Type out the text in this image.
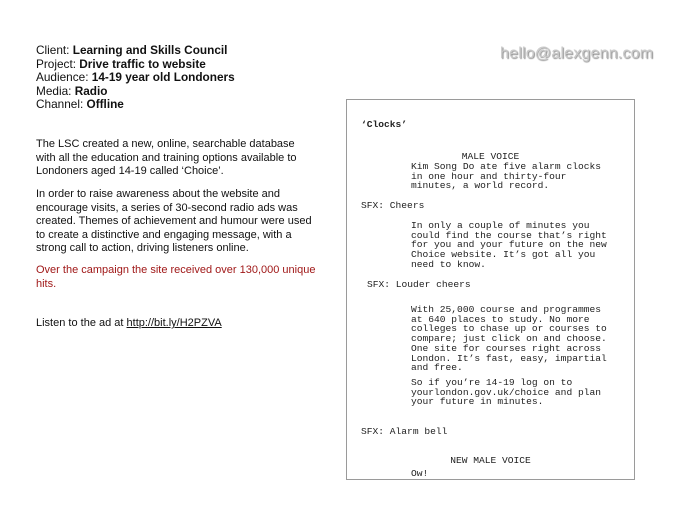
hello@alexgenn.com
Client: Learning and Skills Council
Project: Drive traffic to website
Audience: 14-19 year old Londoners
Media: Radio
Channel: Offline
The LSC created a new, online, searchable database with all the education and training options available to Londoners aged 14-19 called ‘Choice’.
In order to raise awareness about the website and encourage visits, a series of 30-second radio ads was created. Themes of achievement and humour were used to create a distinctive and engaging message, with a strong call to action, driving listeners online.
Over the campaign the site received over 130,000 unique hits.
Listen to the ad at http://bit.ly/H2PZVA
‘Clocks’
MALE VOICE
Kim Song Do ate five alarm clocks in one hour and thirty-four minutes, a world record.
SFX: Cheers
In only a couple of minutes you could find the course that’s right for you and your future on the new Choice website. It’s got all you need to know.
SFX: Louder cheers
With 25,000 course and programmes at 640 places to study. No more colleges to chase up or courses to compare; just click on and choose. One site for courses right across London. It’s fast, easy, impartial and free.
So if you’re 14-19 log on to yourlondon.gov.uk/choice and plan your future in minutes.
SFX: Alarm bell
NEW MALE VOICE
Ow!
